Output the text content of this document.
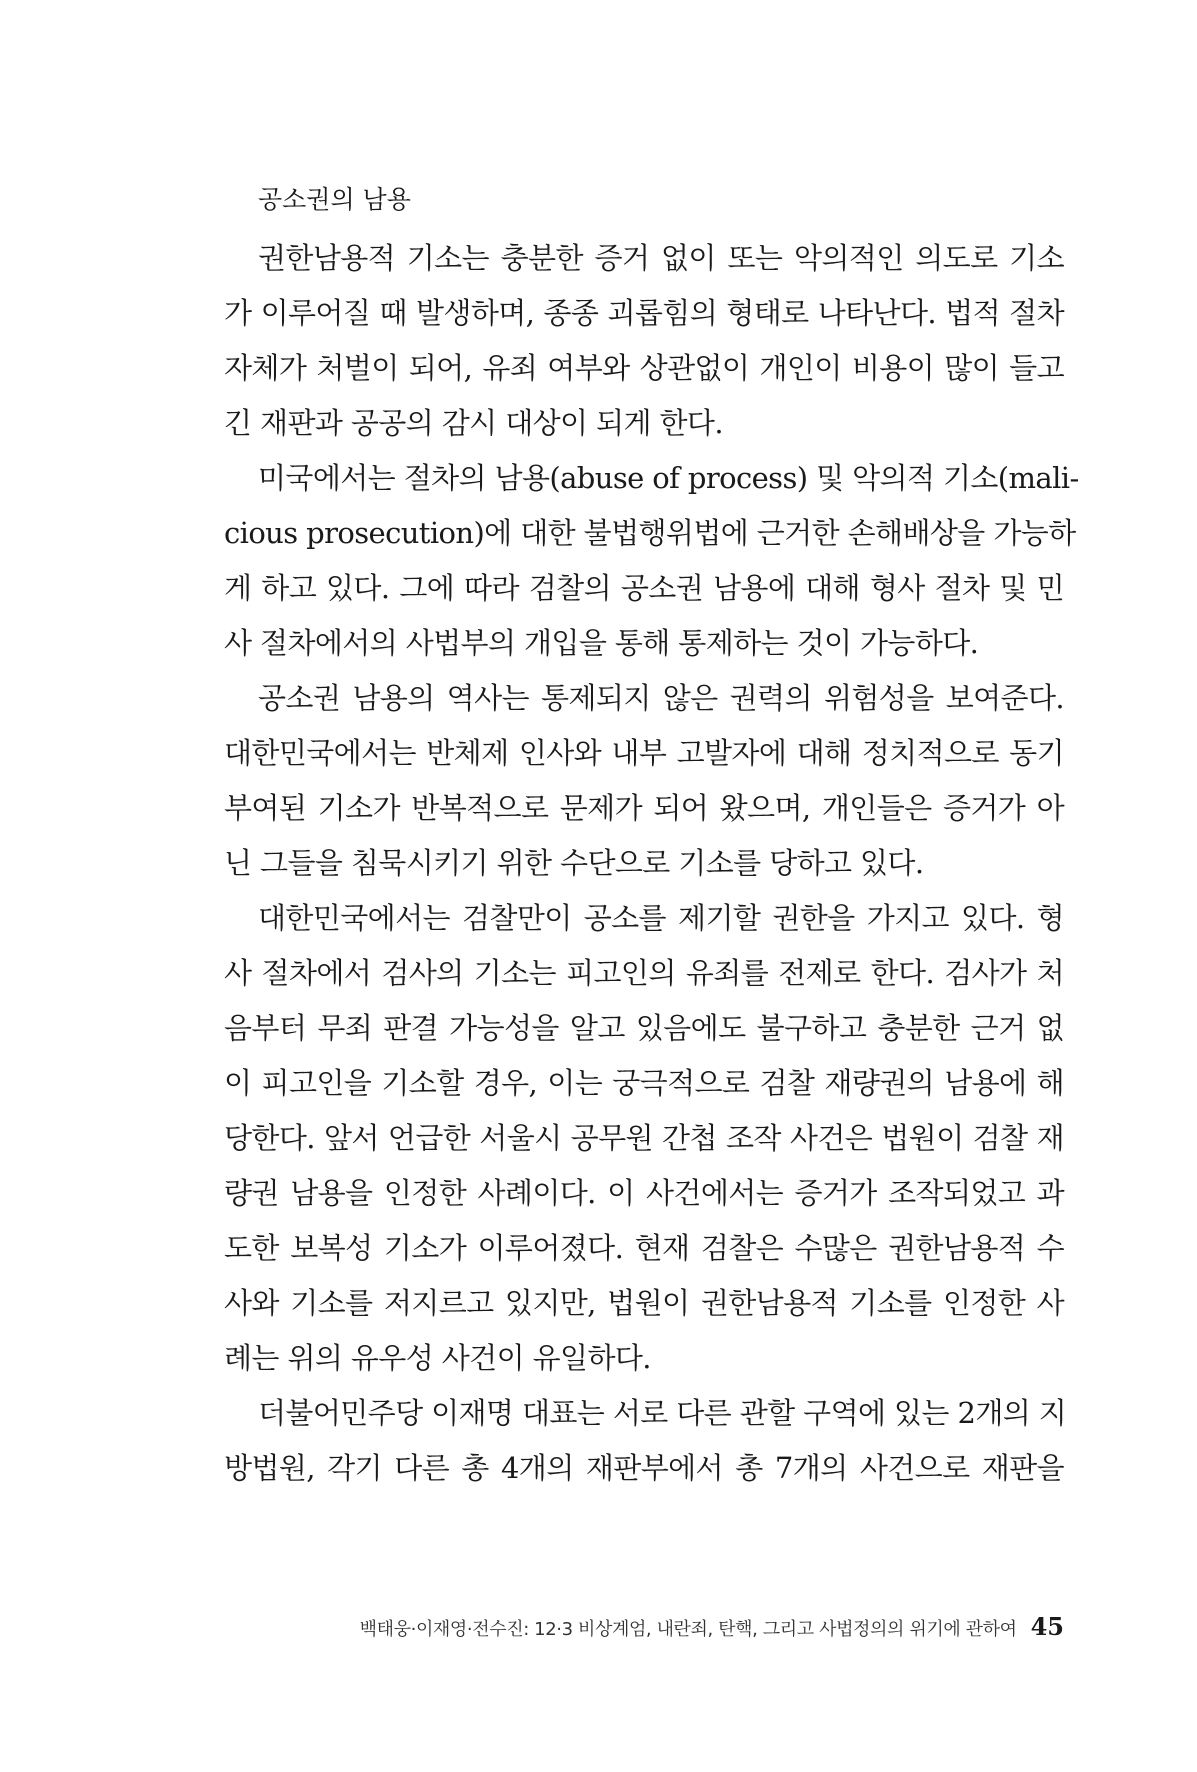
공소권의 남용
권한남용적 기소는 충분한 증거 없이 또는 악의적인 의도로 기소
가 이루어질 때 발생하며, 종종 괴롭힘의 형태로 나타난다. 법적 절차
자체가 처벌이 되어, 유죄 여부와 상관없이 개인이 비용이 많이 들고
긴 재판과 공공의 감시 대상이 되게 한다.
미국에서는 절차의 남용(abuse of process) 및 악의적 기소(mali-
cious prosecution)에 대한 불법행위법에 근거한 손해배상을 가능하
게 하고 있다. 그에 따라 검찰의 공소권 남용에 대해 형사 절차 및 민
사 절차에서의 사법부의 개입을 통해 통제하는 것이 가능하다.
공소권 남용의 역사는 통제되지 않은 권력의 위험성을 보여준다.
대한민국에서는 반체제 인사와 내부 고발자에 대해 정치적으로 동기
부여된 기소가 반복적으로 문제가 되어 왔으며, 개인들은 증거가 아
닌 그들을 침묵시키기 위한 수단으로 기소를 당하고 있다.
대한민국에서는 검찰만이 공소를 제기할 권한을 가지고 있다. 형
사 절차에서 검사의 기소는 피고인의 유죄를 전제로 한다. 검사가 처
음부터 무죄 판결 가능성을 알고 있음에도 불구하고 충분한 근거 없
이 피고인을 기소할 경우, 이는 궁극적으로 검찰 재량권의 남용에 해
당한다. 앞서 언급한 서울시 공무원 간첩 조작 사건은 법원이 검찰 재
량권 남용을 인정한 사례이다. 이 사건에서는 증거가 조작되었고 과
도한 보복성 기소가 이루어졌다. 현재 검찰은 수많은 권한남용적 수
사와 기소를 저지르고 있지만, 법원이 권한남용적 기소를 인정한 사
례는 위의 유우성 사건이 유일하다.
더불어민주당 이재명 대표는 서로 다른 관할 구역에 있는 2개의 지
방법원, 각기 다른 총 4개의 재판부에서 총 7개의 사건으로 재판을
백태웅·이재영·전수진: 12·3 비상계엄, 내란죄, 탄핵, 그리고 사법정의의 위기에 관하여 45
